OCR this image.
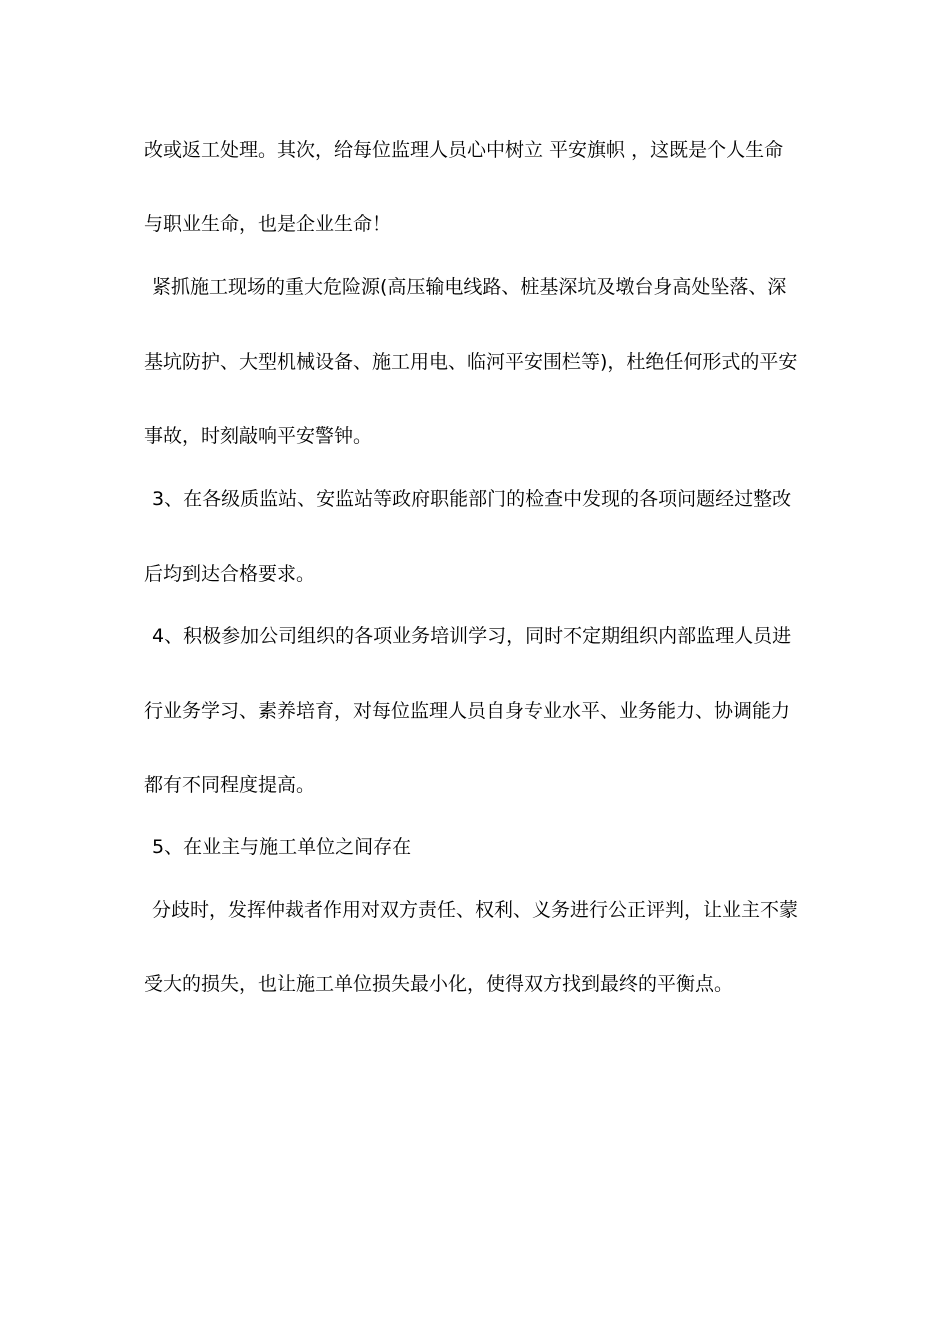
改或返工处理。其次，给每位监理人员心中树立 平安旗帜 ，这既是个人生命
与职业生命，也是企业生命！
紧抓施工现场的重大危险源(高压输电线路、桩基深坑及墩台身高处坠落、深
基坑防护、大型机械设备、施工用电、临河平安围栏等)，杜绝任何形式的平安
事故，时刻敲响平安警钟。
3、在各级质监站、安监站等政府职能部门的检查中发现的各项问题经过整改
后均到达合格要求。
4、积极参加公司组织的各项业务培训学习，同时不定期组织内部监理人员进
行业务学习、素养培育，对每位监理人员自身专业水平、业务能力、协调能力
都有不同程度提高。
5、在业主与施工单位之间存在
分歧时，发挥仲裁者作用对双方责任、权利、义务进行公正评判，让业主不蒙
受大的损失，也让施工单位损失最小化，使得双方找到最终的平衡点。
